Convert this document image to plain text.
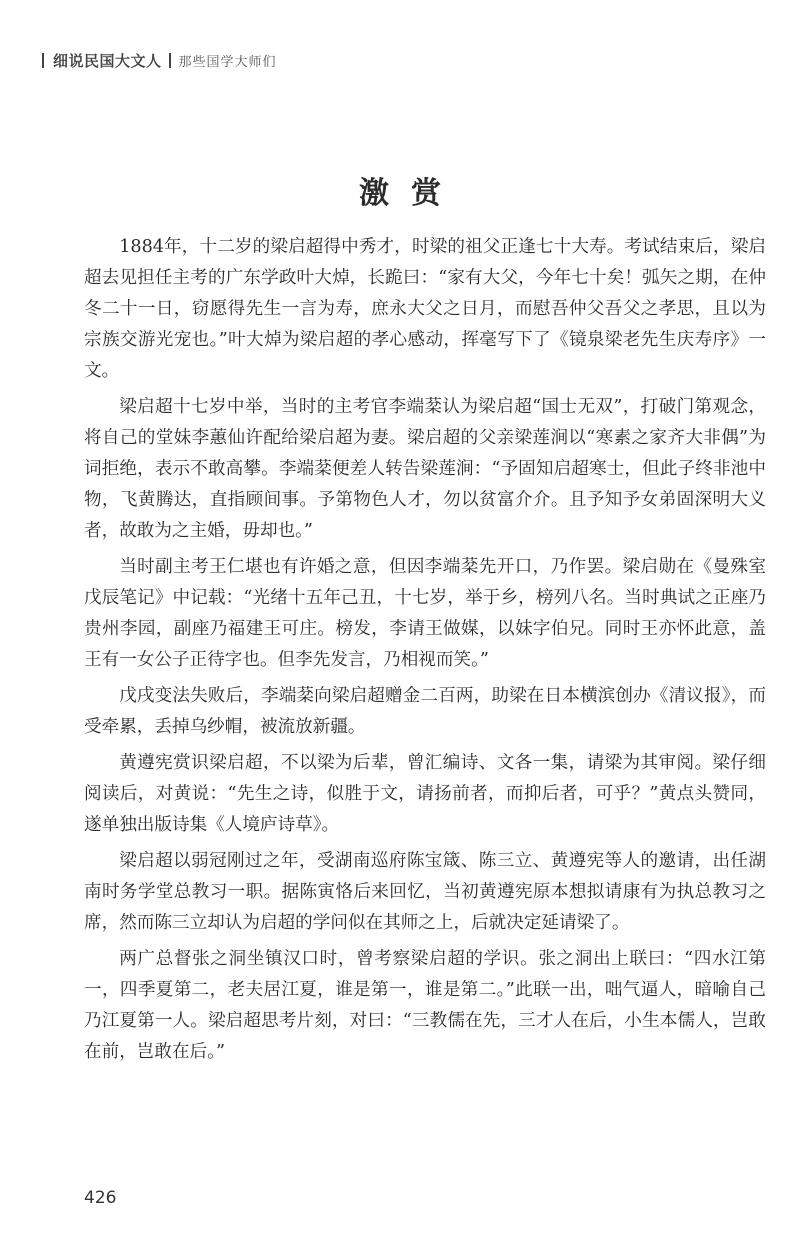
细说民国大文人 那些国学大师们
激赏

1884年，十二岁的梁启超得中秀才，时梁的祖父正逢七十大寿。考试结束后，梁启超去见担任主考的广东学政叶大焯，长跪曰：“家有大父，今年七十矣！弧矢之期，在仲冬二十一日，窃愿得先生一言为寿，庶永大父之日月，而慰吾仲父吾父之孝思，且以为宗族交游光宠也。”叶大焯为梁启超的孝心感动，挥毫写下了《镜泉梁老先生庆寿序》一文。

梁启超十七岁中举，当时的主考官李端棻认为梁启超“国士无双”，打破门第观念，将自己的堂妹李蕙仙许配给梁启超为妻。梁启超的父亲梁莲涧以“寒素之家齐大非偶”为词拒绝，表示不敢高攀。李端棻便差人转告梁莲涧：“予固知启超寒士，但此子终非池中物，飞黄腾达，直指顾间事。予第物色人才，勿以贫富介介。且予知予女弟固深明大义者，故敢为之主婚，毋却也。”

当时副主考王仁堪也有许婚之意，但因李端棻先开口，乃作罢。梁启勋在《曼殊室戊辰笔记》中记载：“光绪十五年己丑，十七岁，举于乡，榜列八名。当时典试之正座乃贵州李园，副座乃福建王可庄。榜发，李请王做媒，以妹字伯兄。同时王亦怀此意，盖王有一女公子正待字也。但李先发言，乃相视而笑。”

戊戌变法失败后，李端棻向梁启超赠金二百两，助梁在日本横滨创办《清议报》，而受牵累，丢掉乌纱帽，被流放新疆。

黄遵宪赏识梁启超，不以梁为后辈，曾汇编诗、文各一集，请梁为其审阅。梁仔细阅读后，对黄说：“先生之诗，似胜于文，请扬前者，而抑后者，可乎？”黄点头赞同，遂单独出版诗集《人境庐诗草》。

梁启超以弱冠刚过之年，受湖南巡府陈宝箴、陈三立、黄遵宪等人的邀请，出任湖南时务学堂总教习一职。据陈寅恪后来回忆，当初黄遵宪原本想拟请康有为执总教习之席，然而陈三立却认为启超的学问似在其师之上，后就决定延请梁了。

两广总督张之洞坐镇汉口时，曾考察梁启超的学识。张之洞出上联曰：“四水江第一，四季夏第二，老夫居江夏，谁是第一，谁是第二。”此联一出，咄气逼人，暗喻自己乃江夏第一人。梁启超思考片刻，对曰：“三教儒在先，三才人在后，小生本儒人，岂敢在前，岂敢在后。”

426
